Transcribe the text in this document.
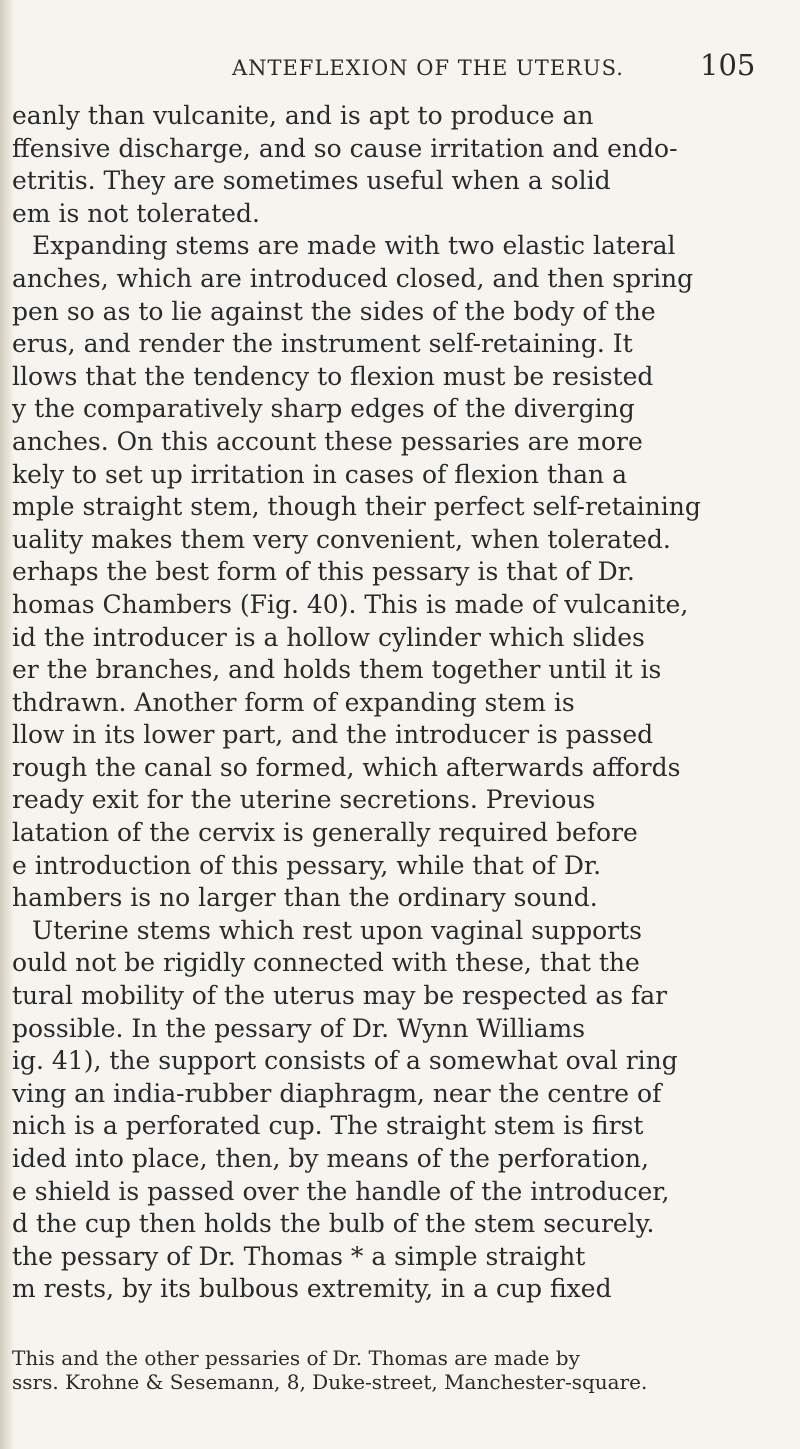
ANTEFLEXION OF THE UTERUS.	105
eanly than vulcanite, and is apt to produce an
ffensive discharge, and so cause irritation and endo-
etritis. They are sometimes useful when a solid
em is not tolerated.
Expanding stems are made with two elastic lateral
anches, which are introduced closed, and then spring
pen so as to lie against the sides of the body of the
erus, and render the instrument self-retaining. It
llows that the tendency to flexion must be resisted
y the comparatively sharp edges of the diverging
anches. On this account these pessaries are more
kely to set up irritation in cases of flexion than a
mple straight stem, though their perfect self-retaining
uality makes them very convenient, when tolerated.
erhaps the best form of this pessary is that of Dr.
homas Chambers (Fig. 40). This is made of vulcanite,
id the introducer is a hollow cylinder which slides
er the branches, and holds them together until it is
thdrawn. Another form of expanding stem is
llow in its lower part, and the introducer is passed
rough the canal so formed, which afterwards affords
ready exit for the uterine secretions. Previous
latation of the cervix is generally required before
e introduction of this pessary, while that of Dr.
hambers is no larger than the ordinary sound.
Uterine stems which rest upon vaginal supports
ould not be rigidly connected with these, that the
tural mobility of the uterus may be respected as far
possible. In the pessary of Dr. Wynn Williams
ig. 41), the support consists of a somewhat oval ring
ving an india-rubber diaphragm, near the centre of
nich is a perforated cup. The straight stem is first
ided into place, then, by means of the perforation,
e shield is passed over the handle of the introducer,
d the cup then holds the bulb of the stem securely.
the pessary of Dr. Thomas * a simple straight
m rests, by its bulbous extremity, in a cup fixed
This and the other pessaries of Dr. Thomas are made by
ssrs. Krohne & Sesemann, 8, Duke-street, Manchester-square.
